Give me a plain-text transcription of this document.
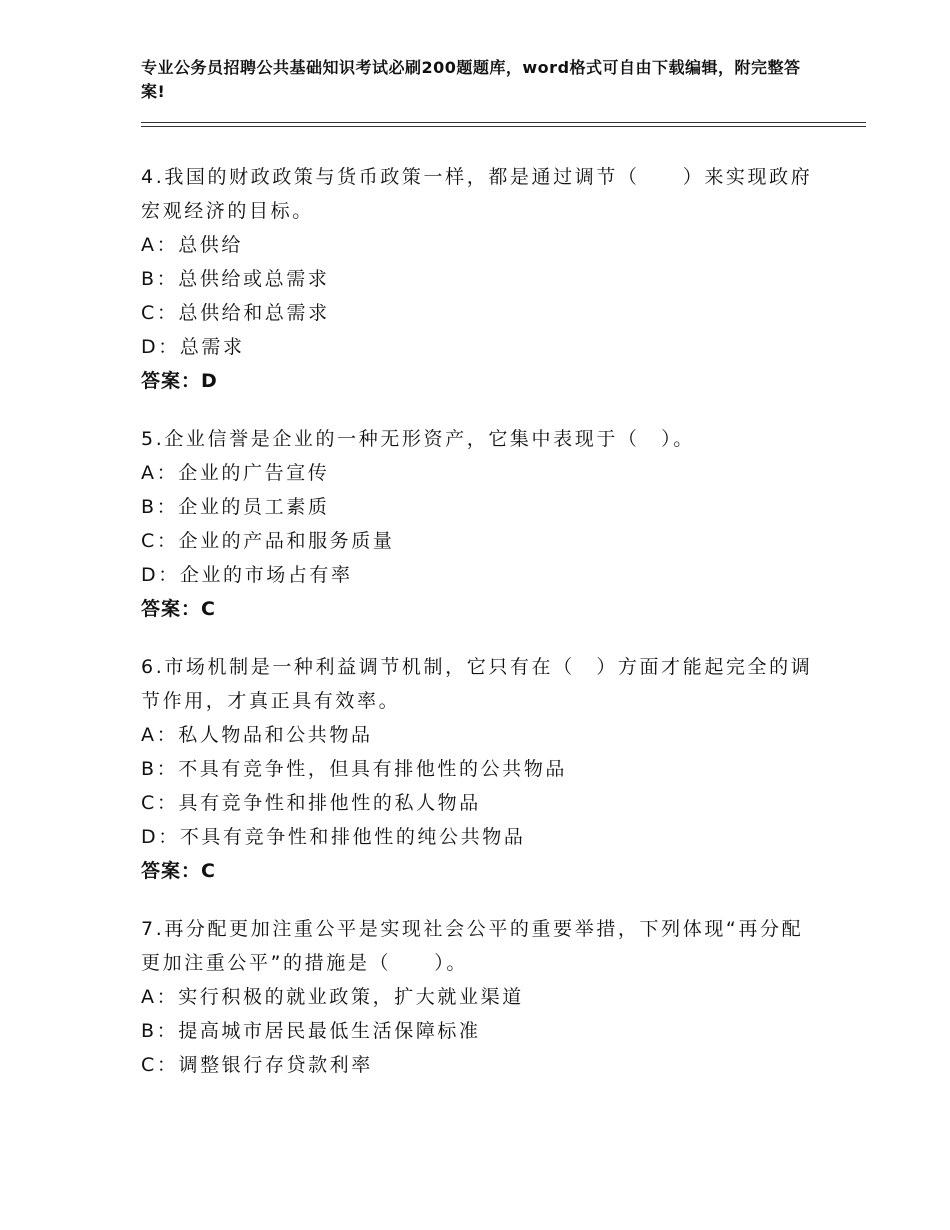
专业公务员招聘公共基础知识考试必刷200题题库，word格式可自由下载编辑，附完整答案!
4.我国的财政政策与货币政策一样，都是通过调节（　　）来实现政府宏观经济的目标。
A：总供给
B：总供给或总需求
C：总供给和总需求
D：总需求
答案：D
5.企业信誉是企业的一种无形资产，它集中表现于（　）。
A：企业的广告宣传
B：企业的员工素质
C：企业的产品和服务质量
D：企业的市场占有率
答案：C
6.市场机制是一种利益调节机制，它只有在（　）方面才能起完全的调节作用，才真正具有效率。
A：私人物品和公共物品
B：不具有竞争性，但具有排他性的公共物品
C：具有竞争性和排他性的私人物品
D：不具有竞争性和排他性的纯公共物品
答案：C
7.再分配更加注重公平是实现社会公平的重要举措，下列体现“再分配更加注重公平”的措施是（　　）。
A：实行积极的就业政策，扩大就业渠道
B：提高城市居民最低生活保障标准
C：调整银行存贷款利率
